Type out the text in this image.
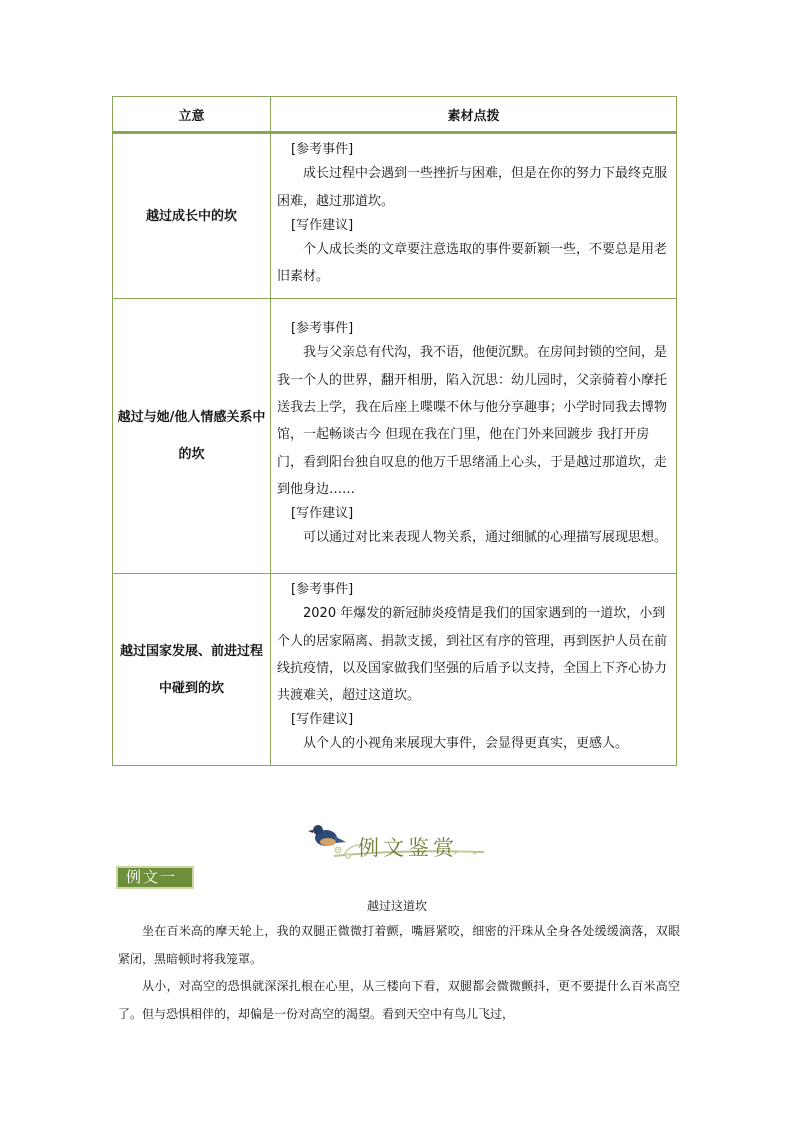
立意	素材点拨

越过成长中的坎	[参考事件]

成长过程中会遇到一些挫折与困难，但是在你的努力下最终克服困难，越过那道坎。

[写作建议]

个人成长类的文章要注意选取的事件要新颖一些，不要总是用老旧素材。

越过与她/他人情感关系中的坎	[参考事件]

我与父亲总有代沟，我不语，他便沉默。在房间封锁的空间，是我一个人的世界，翻开相册，陷入沉思：幼儿园时，父亲骑着小摩托送我去上学，我在后座上喋喋不休与他分享趣事；小学时同我去博物馆，一起畅谈古今 但现在我在门里，他在门外来回踱步 我打开房门，看到阳台独自叹息的他万千思绪涌上心头，于是越过那道坎，走到他身边……

[写作建议]

可以通过对比来表现人物关系，通过细腻的心理描写展现思想。

越过国家发展、前进过程中碰到的坎	[参考事件]

2020 年爆发的新冠肺炎疫情是我们的国家遇到的一道坎，小到个人的居家隔离、捐款支援，到社区有序的管理，再到医护人员在前线抗疫情，以及国家做我们坚强的后盾予以支持，全国上下齐心协力共渡难关，超过这道坎。

[写作建议]

从个人的小视角来展现大事件，会显得更真实，更感人。

例文鉴赏
例文一
越过这道坎

坐在百米高的摩天轮上，我的双腿正微微打着颤，嘴唇紧咬，细密的汗珠从全身各处缓缓滴落，双眼紧闭，黑暗顿时将我笼罩。

从小，对高空的恐惧就深深扎根在心里，从三楼向下看，双腿都会微微颤抖，更不要提什么百米高空了。但与恐惧相伴的，却偏是一份对高空的渴望。看到天空中有鸟儿飞过，
